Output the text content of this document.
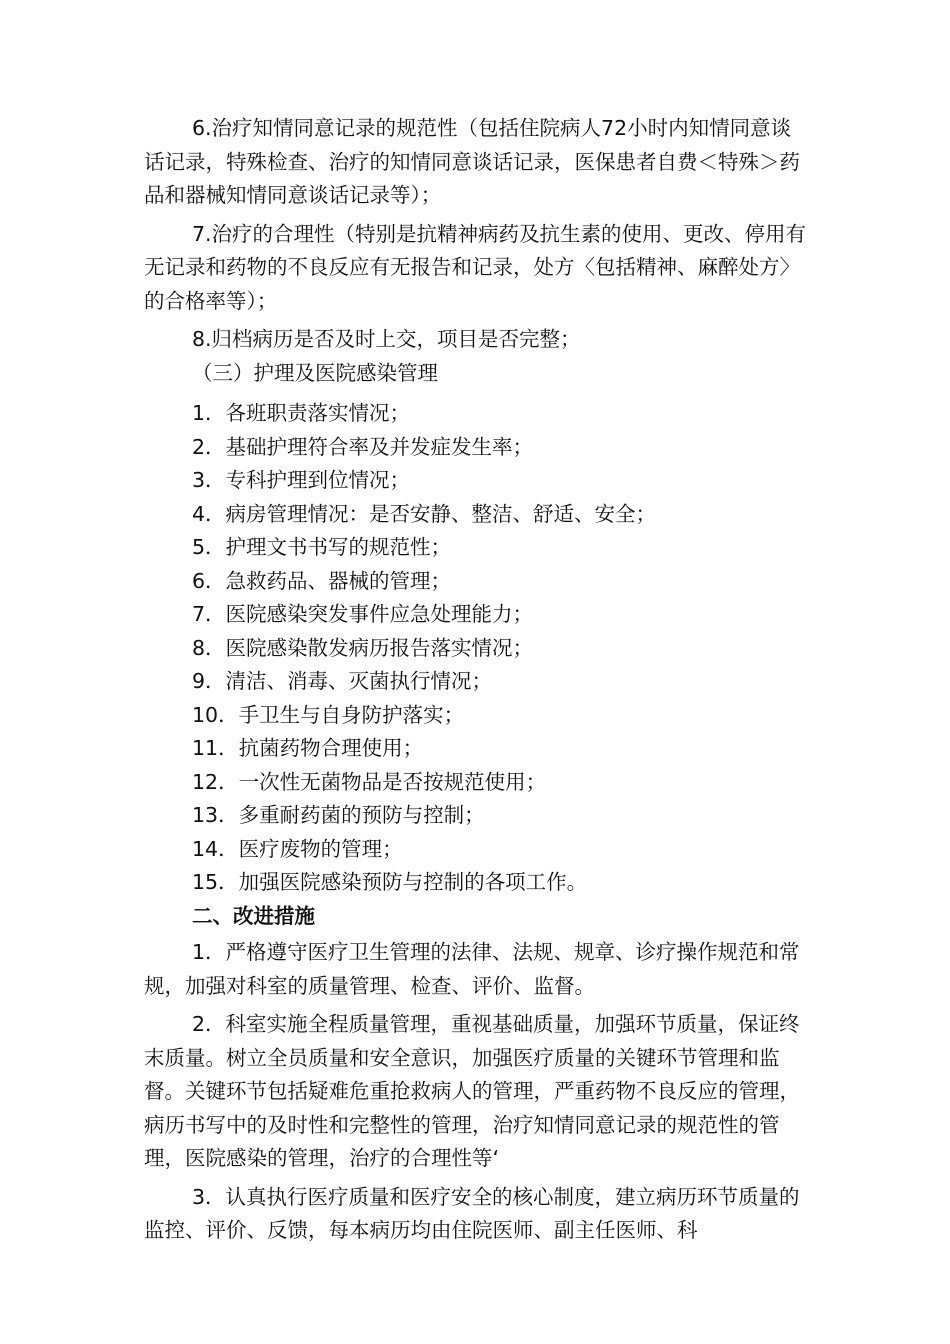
6.治疗知情同意记录的规范性（包括住院病人72小时内知情同意谈话记录，特殊检查、治疗的知情同意谈话记录，医保患者自费＜特殊＞药品和器械知情同意谈话记录等）；

7.治疗的合理性（特别是抗精神病药及抗生素的使用、更改、停用有无记录和药物的不良反应有无报告和记录，处方〈包括精神、麻醉处方〉的合格率等）；

8.归档病历是否及时上交，项目是否完整；

（三）护理及医院感染管理

1．各班职责落实情况；

2．基础护理符合率及并发症发生率；

3．专科护理到位情况；

4．病房管理情况：是否安静、整洁、舒适、安全；

5．护理文书书写的规范性；

6．急救药品、器械的管理；

7．医院感染突发事件应急处理能力；

8．医院感染散发病历报告落实情况；

9．清洁、消毒、灭菌执行情况；

10．手卫生与自身防护落实；

11．抗菌药物合理使用；

12．一次性无菌物品是否按规范使用；

13．多重耐药菌的预防与控制；

14．医疗废物的管理；

15．加强医院感染预防与控制的各项工作。

二、改进措施

1．严格遵守医疗卫生管理的法律、法规、规章、诊疗操作规范和常规，加强对科室的质量管理、检查、评价、监督。

2．科室实施全程质量管理，重视基础质量，加强环节质量，保证终末质量。树立全员质量和安全意识，加强医疗质量的关键环节管理和监督。关键环节包括疑难危重抢救病人的管理，严重药物不良反应的管理，病历书写中的及时性和完整性的管理，治疗知情同意记录的规范性的管理，医院感染的管理，治疗的合理性等‘

3．认真执行医疗质量和医疗安全的核心制度，建立病历环节质量的监控、评价、反馈，每本病历均由住院医师、副主任医师、科
